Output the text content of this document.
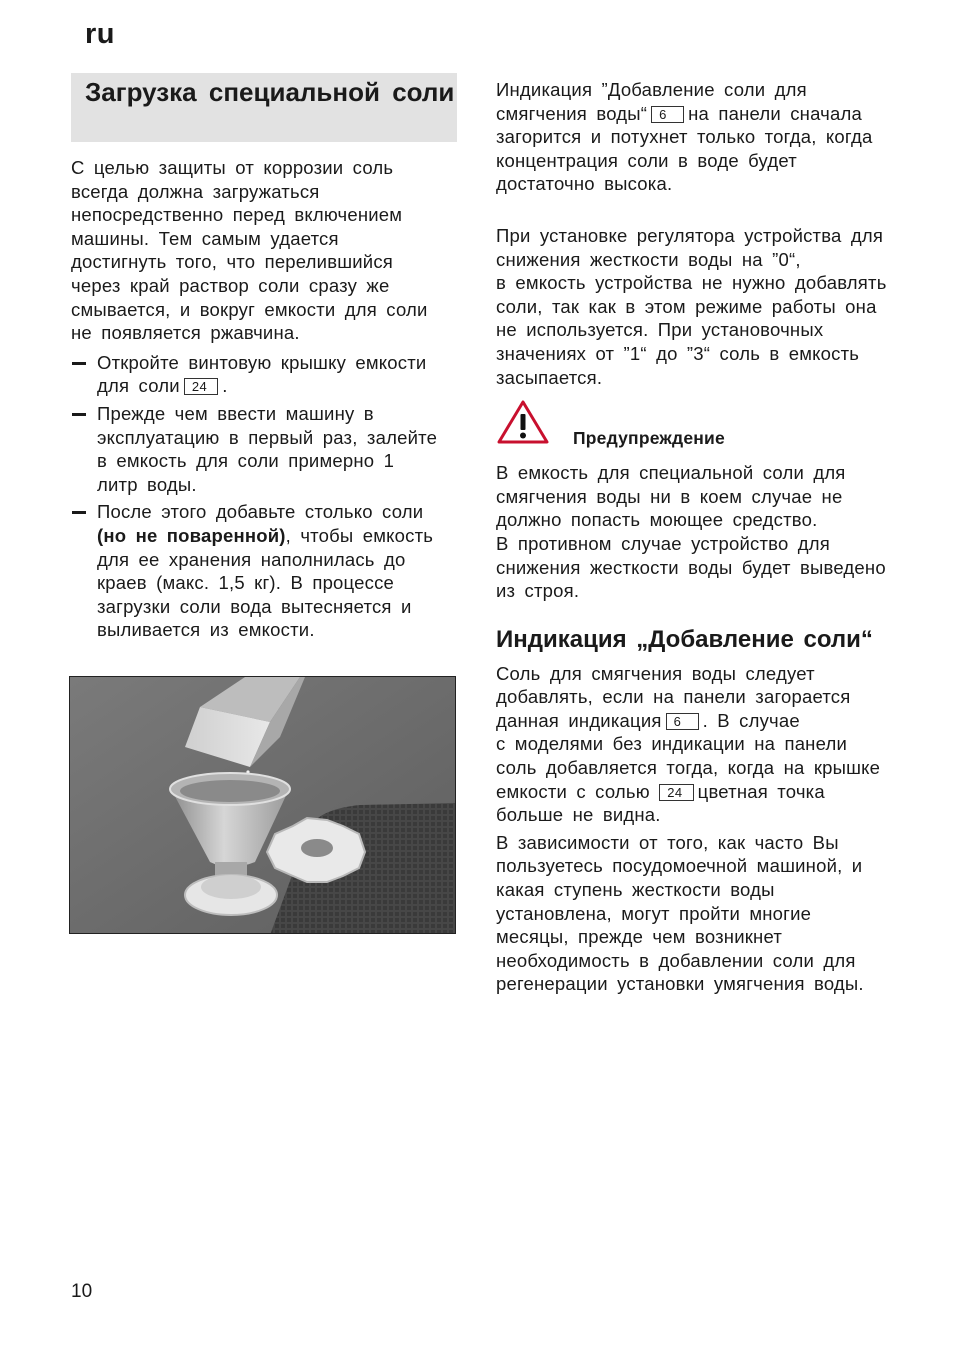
ru
Загрузка специальной соли

С целью защиты от коррозии соль всегда должна загружаться непосредственно перед включением машины. Тем самым удается достигнуть того, что перелившийся через край раствор соли сразу же смывается, и вокруг емкости для соли не появляется ржавчина.

Откройте винтовую крышку емкости для соли 24 .
Прежде чем ввести машину в эксплуатацию в первый раз, залейте в емкость для соли примерно 1 литр воды.
После этого добавьте столько соли (но не поваренной), чтобы емкость для ее хранения наполнилась до краев (макс. 1,5 кг). В процессе загрузки соли вода вытесняется и выливается из емкости.

Индикация ”Добавление соли для смягчения воды“ 6 на панели сначала загорится и потухнет только тогда, когда концентрация соли в воде будет достаточно высока.

При установке регулятора устройства для снижения жесткости воды на ”0“,

в емкость устройства не нужно добавлять соли, так как в этом режиме работы она не используется. При установочных значениях от ”1“ до ”3“ соль в емкость засыпается.

Предупреждение

В емкость для специальной соли для смягчения воды ни в коем случае не должно попасть моющее средство.

В противном случае устройство для снижения жесткости воды будет выведено из строя.

Индикация „Добавление соли“

Соль для смягчения воды следует добавлять, если на панели загорается данная индикация 6 . В случае

с моделями без индикации на панели соль добавляется тогда, когда на крышке емкости с солью 24 цветная точка больше не видна.

В зависимости от того, как часто Вы пользуетесь посудомоечной машиной, и какая ступень жесткости воды установлена, могут пройти многие месяцы, прежде чем возникнет необходимость в добавлении соли для регенерации установки умягчения воды.

10
